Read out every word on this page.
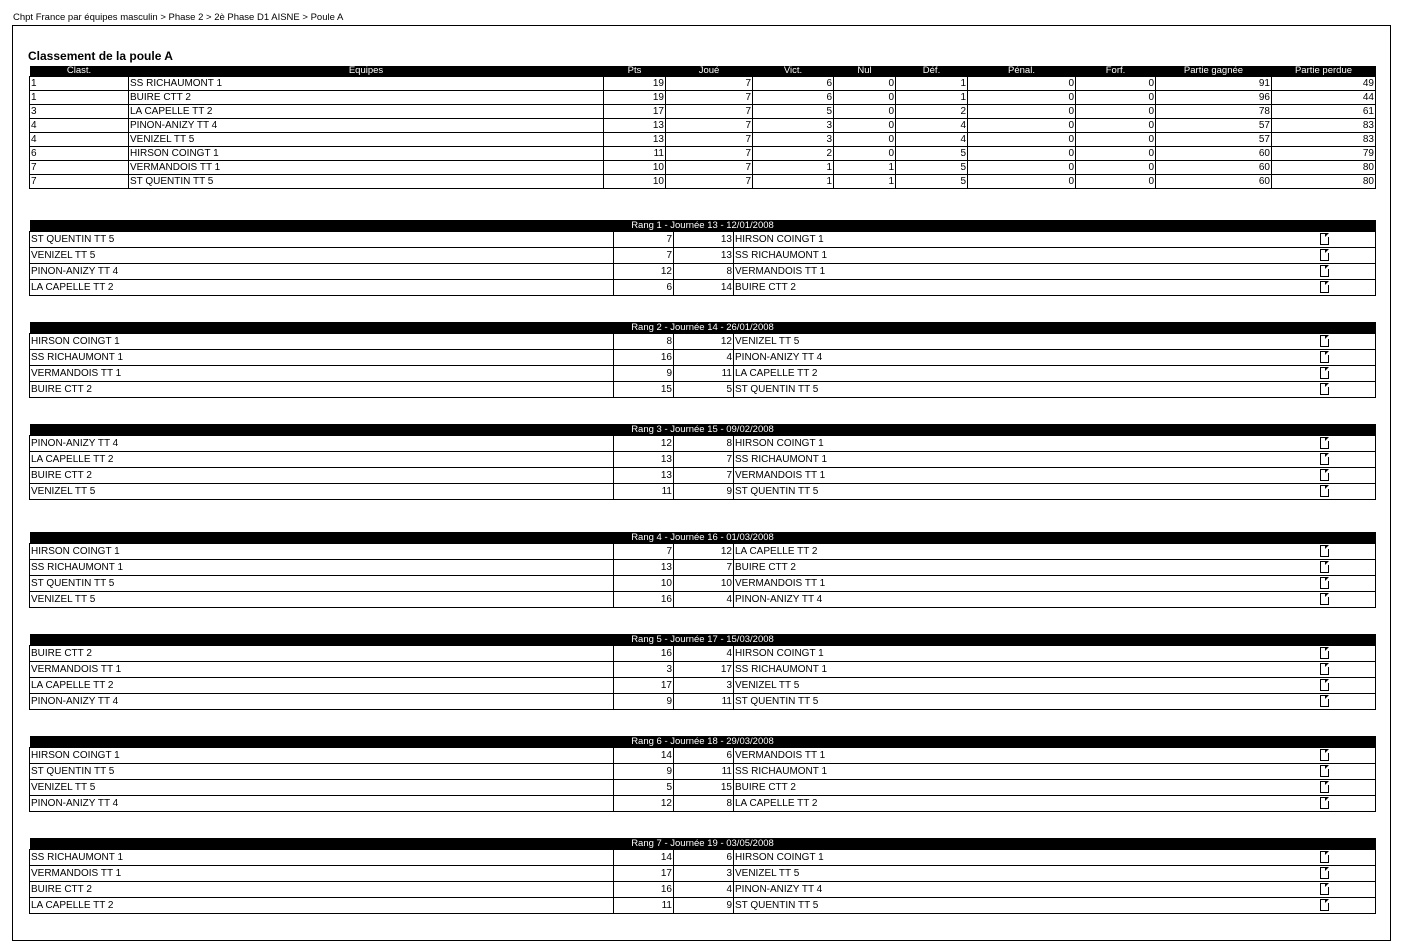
Chpt France par équipes masculin > Phase 2 > 2è Phase D1 AISNE > Poule A
Classement de la poule A
Clast.	Equipes	Pts	Joué	Vict.	Nul	Déf.	Pénal.	Forf.	Partie gagnée	Partie perdue
1	SS RICHAUMONT 1	19	7	6	0	1	0	0	91	49
1	BUIRE CTT 2	19	7	6	0	1	0	0	96	44
3	LA CAPELLE TT 2	17	7	5	0	2	0	0	78	61
4	PINON-ANIZY TT 4	13	7	3	0	4	0	0	57	83
4	VENIZEL TT 5	13	7	3	0	4	0	0	57	83
6	HIRSON COINGT 1	11	7	2	0	5	0	0	60	79
7	VERMANDOIS TT 1	10	7	1	1	5	0	0	60	80
7	ST QUENTIN TT 5	10	7	1	1	5	0	0	60	80
Rang 1 - Journée 13 - 12/01/2008				
ST QUENTIN TT 5	7	13	HIRSON COINGT 1	
VENIZEL TT 5	7	13	SS RICHAUMONT 1	
PINON-ANIZY TT 4	12	8	VERMANDOIS TT 1	
LA CAPELLE TT 2	6	14	BUIRE CTT 2	
Rang 2 - Journée 14 - 26/01/2008				
HIRSON COINGT 1	8	12	VENIZEL TT 5	
SS RICHAUMONT 1	16	4	PINON-ANIZY TT 4	
VERMANDOIS TT 1	9	11	LA CAPELLE TT 2	
BUIRE CTT 2	15	5	ST QUENTIN TT 5	
Rang 3 - Journée 15 - 09/02/2008				
PINON-ANIZY TT 4	12	8	HIRSON COINGT 1	
LA CAPELLE TT 2	13	7	SS RICHAUMONT 1	
BUIRE CTT 2	13	7	VERMANDOIS TT 1	
VENIZEL TT 5	11	9	ST QUENTIN TT 5	
Rang 4 - Journée 16 - 01/03/2008				
HIRSON COINGT 1	7	12	LA CAPELLE TT 2	
SS RICHAUMONT 1	13	7	BUIRE CTT 2	
ST QUENTIN TT 5	10	10	VERMANDOIS TT 1	
VENIZEL TT 5	16	4	PINON-ANIZY TT 4	
Rang 5 - Journée 17 - 15/03/2008				
BUIRE CTT 2	16	4	HIRSON COINGT 1	
VERMANDOIS TT 1	3	17	SS RICHAUMONT 1	
LA CAPELLE TT 2	17	3	VENIZEL TT 5	
PINON-ANIZY TT 4	9	11	ST QUENTIN TT 5	
Rang 6 - Journée 18 - 29/03/2008				
HIRSON COINGT 1	14	6	VERMANDOIS TT 1	
ST QUENTIN TT 5	9	11	SS RICHAUMONT 1	
VENIZEL TT 5	5	15	BUIRE CTT 2	
PINON-ANIZY TT 4	12	8	LA CAPELLE TT 2	
Rang 7 - Journée 19 - 03/05/2008				
SS RICHAUMONT 1	14	6	HIRSON COINGT 1	
VERMANDOIS TT 1	17	3	VENIZEL TT 5	
BUIRE CTT 2	16	4	PINON-ANIZY TT 4	
LA CAPELLE TT 2	11	9	ST QUENTIN TT 5	
